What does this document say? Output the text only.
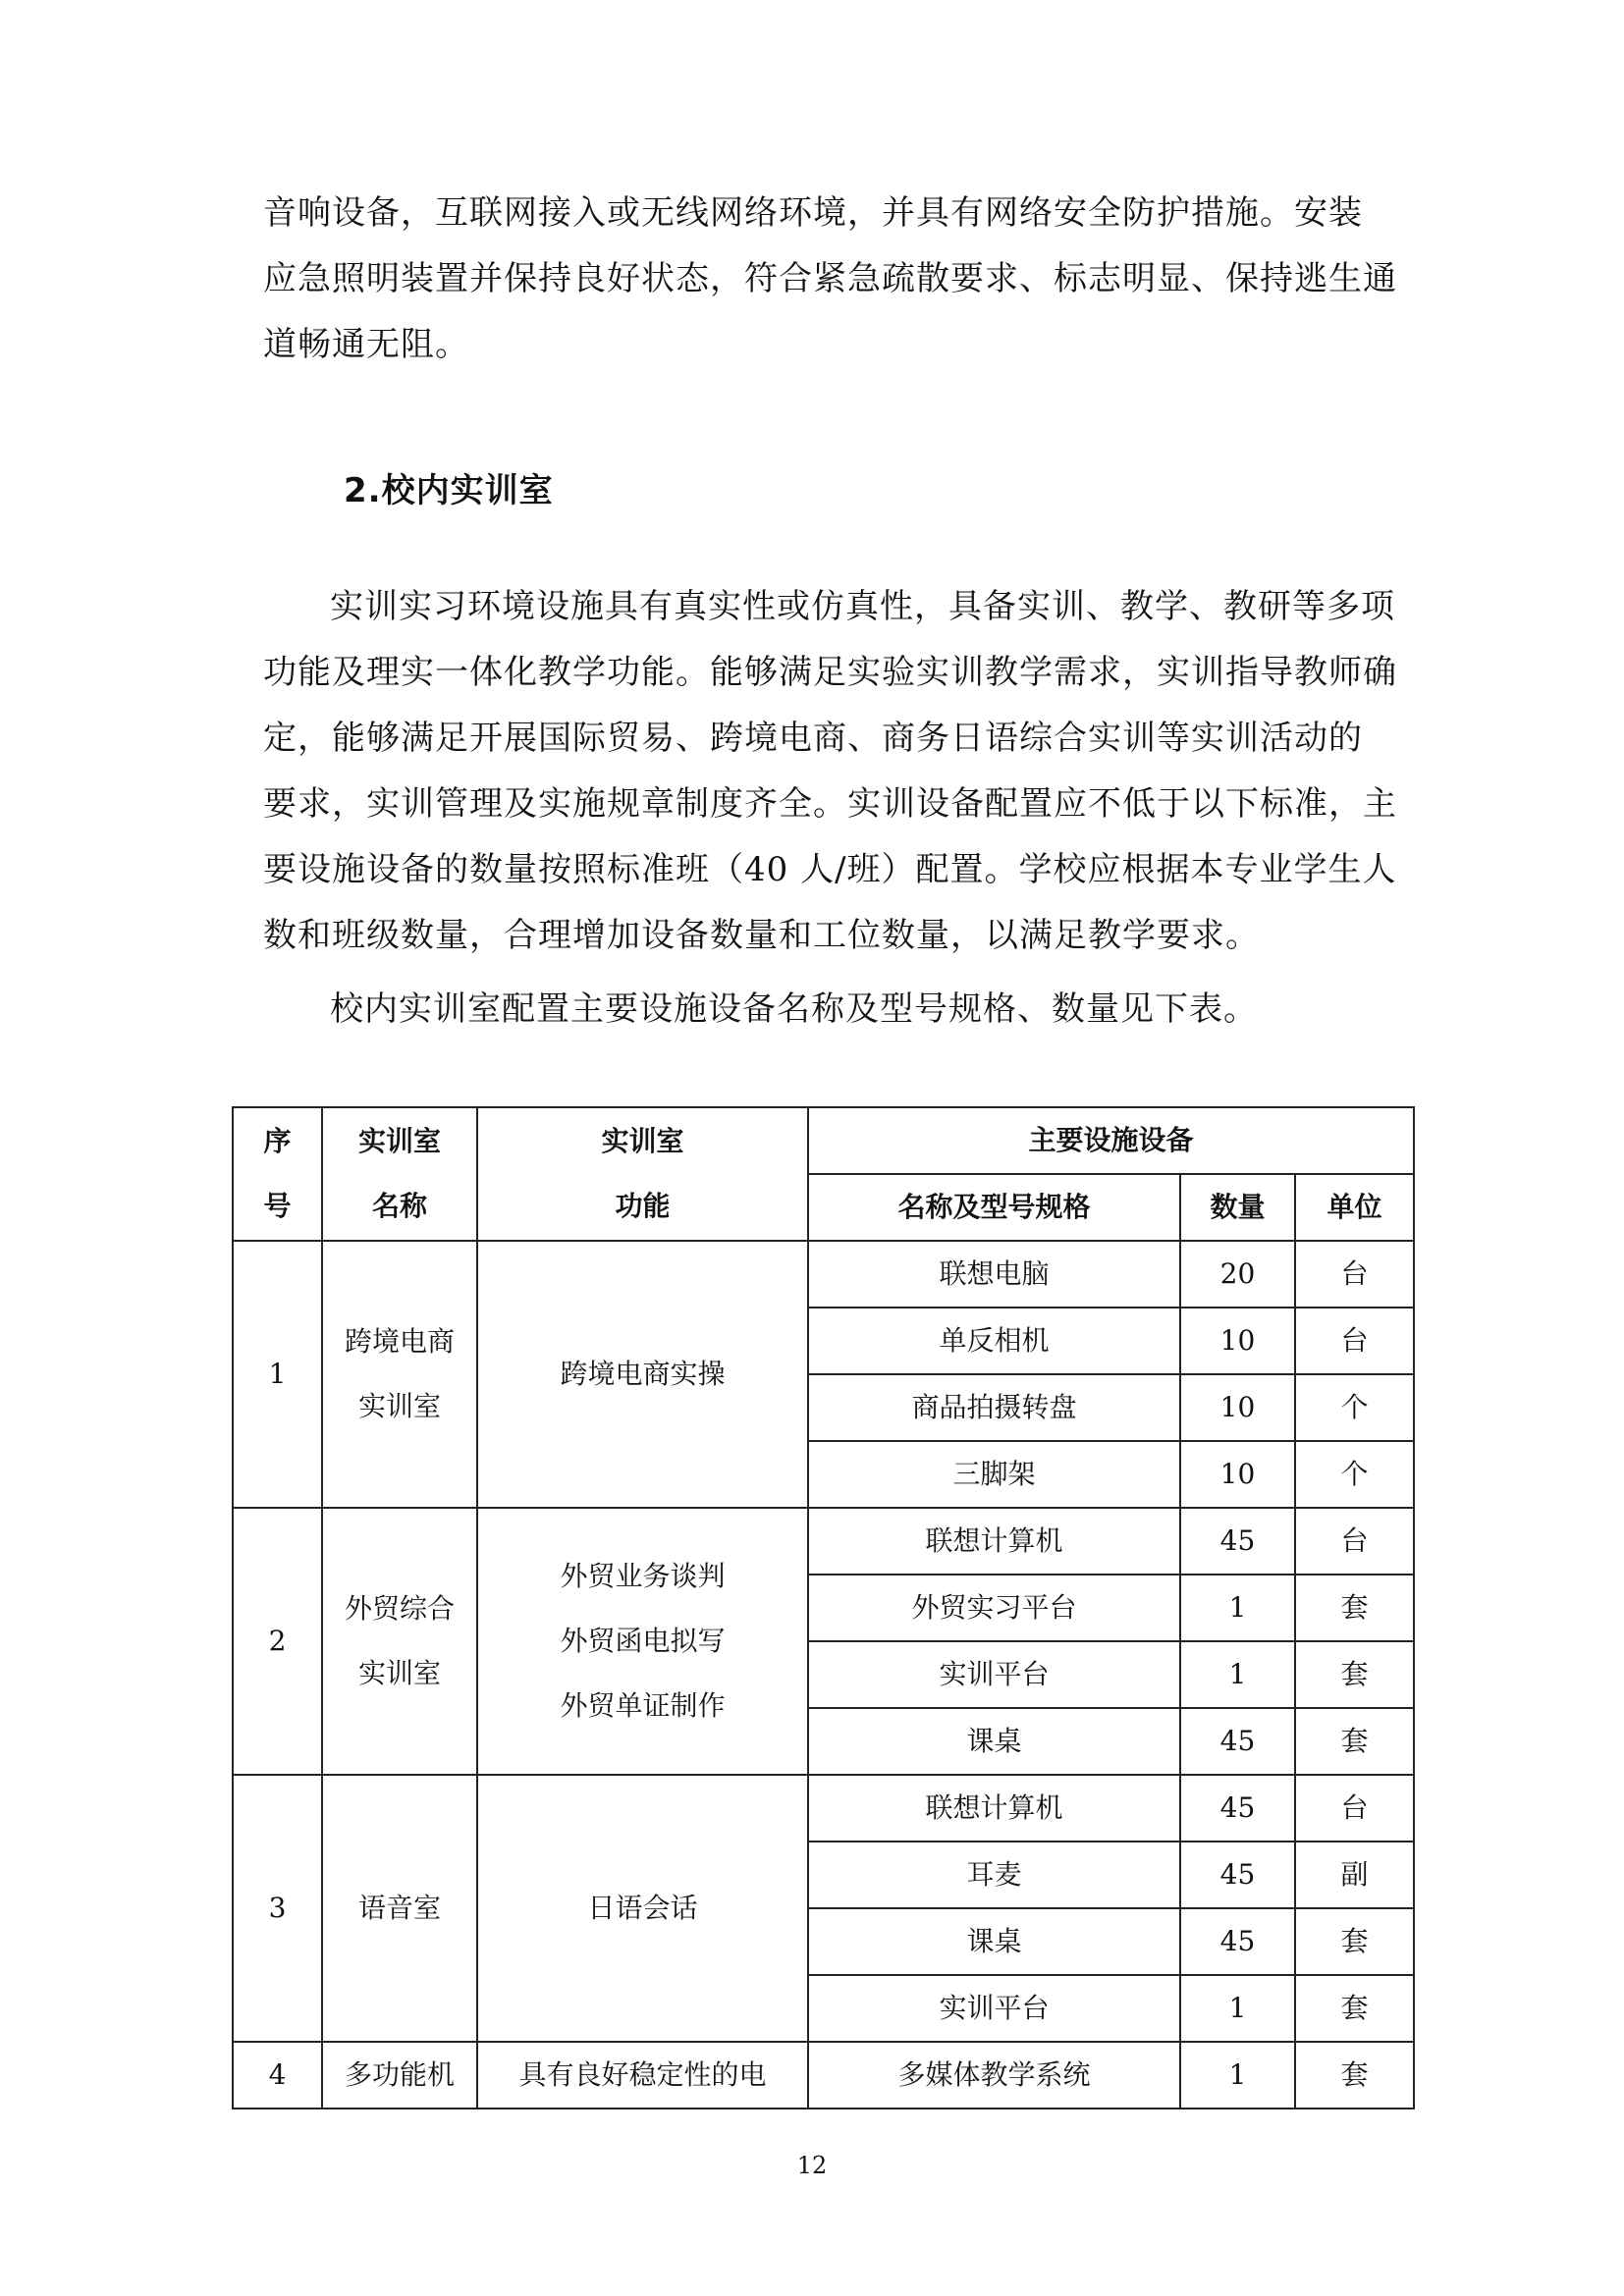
音响设备，互联网接入或无线网络环境，并具有网络安全防护措施。安装
应急照明装置并保持良好状态，符合紧急疏散要求、标志明显、保持逃生通
道畅通无阻。

2.校内实训室

实训实习环境设施具有真实性或仿真性，具备实训、教学、教研等多项
功能及理实一体化教学功能。能够满足实验实训教学需求，实训指导教师确
定，能够满足开展国际贸易、跨境电商、商务日语综合实训等实训活动的
要求，实训管理及实施规章制度齐全。实训设备配置应不低于以下标准，主
要设施设备的数量按照标准班（40 人/班）配置。学校应根据本专业学生人
数和班级数量，合理增加设备数量和工位数量，以满足教学要求。

校内实训室配置主要设施设备名称及型号规格、数量见下表。

序
号	实训室
名称	实训室
功能	主要设施设备		
			名称及型号规格	数量	单位
1	跨境电商
实训室	跨境电商实操	联想电脑	20	台
			单反相机	10	台
			商品拍摄转盘	10	个
			三脚架	10	个
2	外贸综合
实训室	外贸业务谈判
外贸函电拟写
外贸单证制作	联想计算机	45	台
			外贸实习平台	1	套
			实训平台	1	套
			课桌	45	套
3	语音室	日语会话	联想计算机	45	台
			耳麦	45	副
			课桌	45	套
			实训平台	1	套
4	多功能机	具有良好稳定性的电	多媒体教学系统	1	套
12
